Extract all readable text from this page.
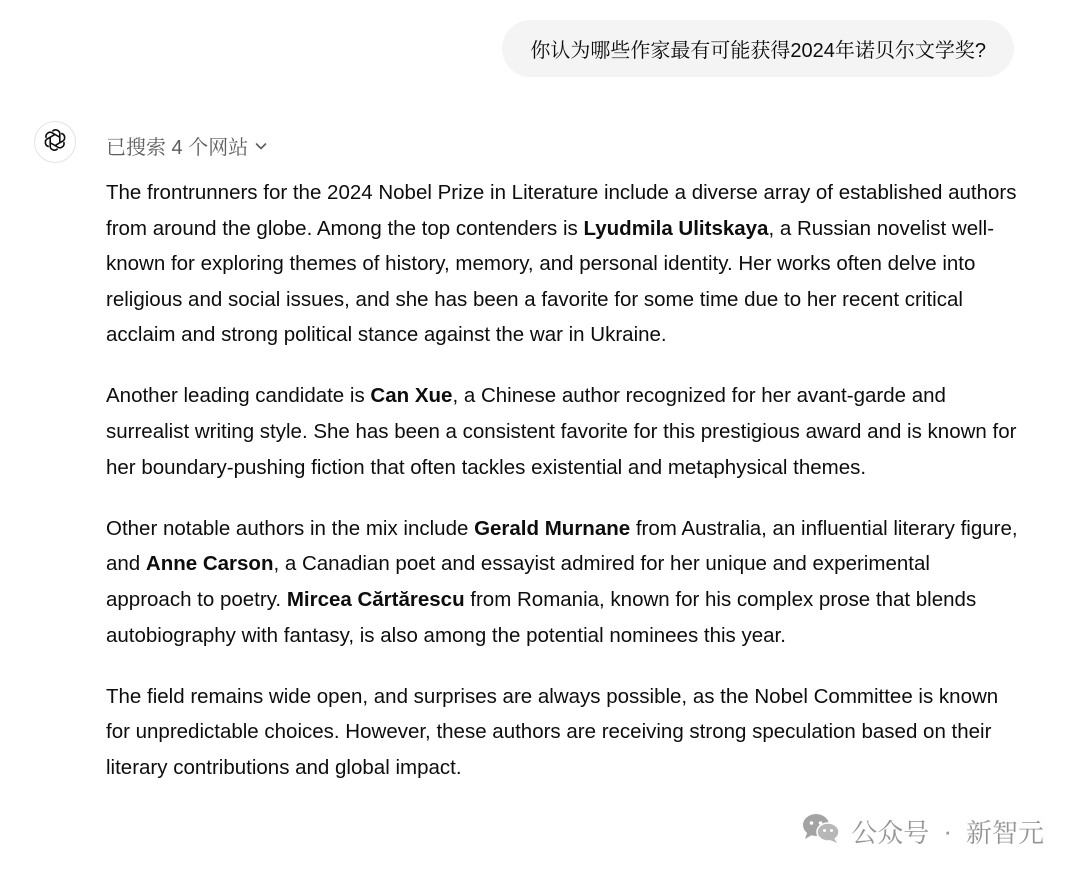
你认为哪些作家最有可能获得2024年诺贝尔文学奖?
已搜索 4 个网站

The frontrunners for the 2024 Nobel Prize in Literature include a diverse array of established authors from around the globe. Among the top contenders is Lyudmila Ulitskaya, a Russian novelist well-known for exploring themes of history, memory, and personal identity. Her works often delve into religious and social issues, and she has been a favorite for some time due to her recent critical acclaim and strong political stance against the war in Ukraine.

Another leading candidate is Can Xue, a Chinese author recognized for her avant-garde and surrealist writing style. She has been a consistent favorite for this prestigious award and is known for her boundary-pushing fiction that often tackles existential and metaphysical themes.

Other notable authors in the mix include Gerald Murnane from Australia, an influential literary figure, and Anne Carson, a Canadian poet and essayist admired for her unique and experimental approach to poetry. Mircea Cărtărescu from Romania, known for his complex prose that blends autobiography with fantasy, is also among the potential nominees this year.

The field remains wide open, and surprises are always possible, as the Nobel Committee is known for unpredictable choices. However, these authors are receiving strong speculation based on their literary contributions and global impact.

公众号 · 新智元
